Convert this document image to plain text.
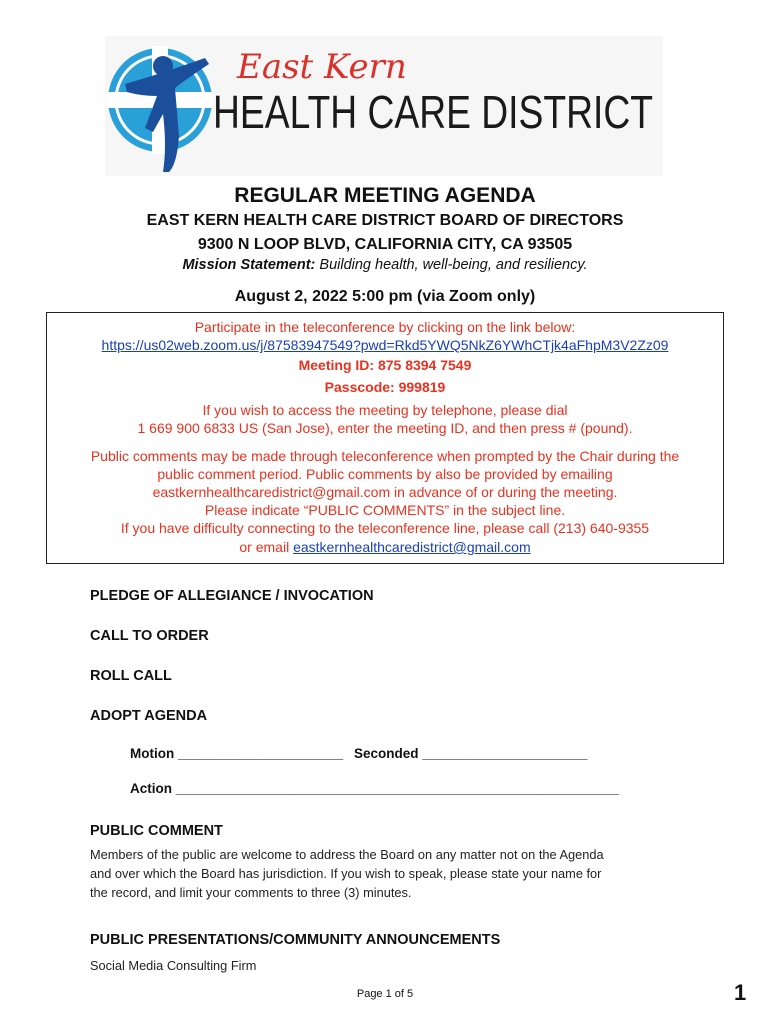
East Kern
HEALTH CARE DISTRICT
REGULAR MEETING AGENDA
EAST KERN HEALTH CARE DISTRICT BOARD OF DIRECTORS
9300 N LOOP BLVD, CALIFORNIA CITY, CA 93505
Mission Statement: Building health, well-being, and resiliency.
August 2, 2022 5:00 pm (via Zoom only)
Participate in the teleconference by clicking on the link below:
https://us02web.zoom.us/j/87583947549?pwd=Rkd5YWQ5NkZ6YWhCTjk4aFhpM3V2Zz09
Meeting ID: 875 8394 7549
Passcode: 999819
If you wish to access the meeting by telephone, please dial
1 669 900 6833 US (San Jose), enter the meeting ID, and then press # (pound).
Public comments may be made through teleconference when prompted by the Chair during the
public comment period. Public comments by also be provided by emailing
eastkernhealthcaredistrict@gmail.com in advance of or during the meeting.
Please indicate “PUBLIC COMMENTS” in the subject line.
If you have difficulty connecting to the teleconference line, please call (213) 640-9355
or email eastkernhealthcaredistrict@gmail.com
PLEDGE OF ALLEGIANCE / INVOCATION
CALL TO ORDER
ROLL CALL
ADOPT AGENDA
Motion ______________________ Seconded ______________________
Action ___________________________________________________________
PUBLIC COMMENT
Members of the public are welcome to address the Board on any matter not on the Agenda
and over which the Board has jurisdiction. If you wish to speak, please state your name for
the record, and limit your comments to three (3) minutes.
PUBLIC PRESENTATIONS/COMMUNITY ANNOUNCEMENTS
Social Media Consulting Firm
Page 1 of 5	1
